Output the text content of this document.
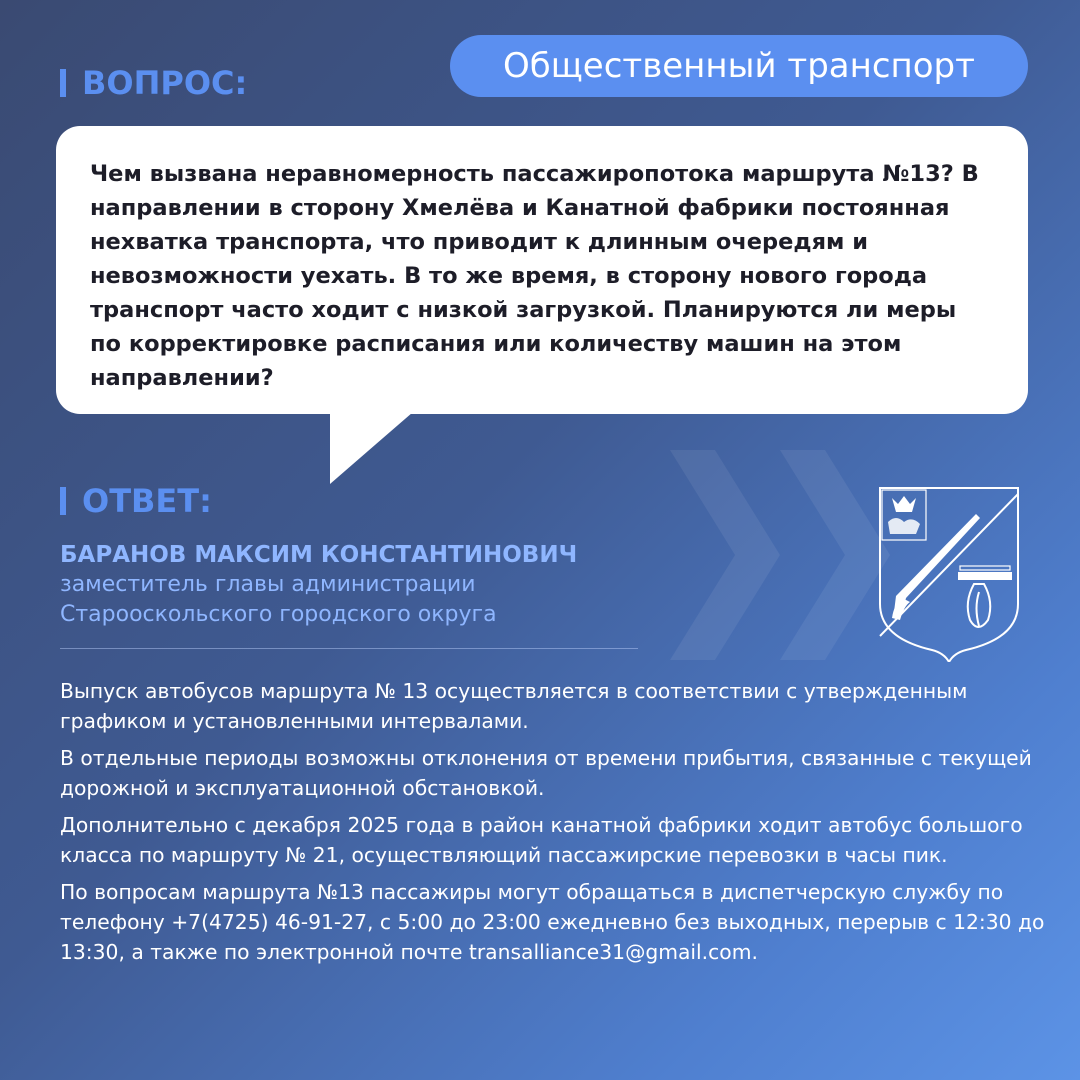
Общественный транспорт
ВОПРОС:

Чем вызвана неравномерность пассажиропотока маршрута №13? В направлении в сторону Хмелёва и Канатной фабрики постоянная нехватка транспорта, что приводит к длинным очередям и невозможности уехать. В то же время, в сторону нового города транспорт часто ходит с низкой загрузкой. Планируются ли меры по корректировке расписания или количеству машин на этом направлении?

ОТВЕТ:
БАРАНОВ МАКСИМ КОНСТАНТИНОВИЧ
заместитель главы администрации
Старооскольского городского округа

Выпуск автобусов маршрута № 13 осуществляется в соответствии с утвержденным графиком и установленными интервалами.

В отдельные периоды возможны отклонения от времени прибытия, связанные с текущей дорожной и эксплуатационной обстановкой.

Дополнительно с декабря 2025 года в район канатной фабрики ходит автобус большого класса по маршруту № 21, осуществляющий пассажирские перевозки в часы пик.

По вопросам маршрута №13 пассажиры могут обращаться в диспетчерскую службу по телефону +7(4725) 46-91-27, с 5:00 до 23:00 ежедневно без выходных, перерыв с 12:30 до 13:30, а также по электронной почте transalliance31@gmail.com.
